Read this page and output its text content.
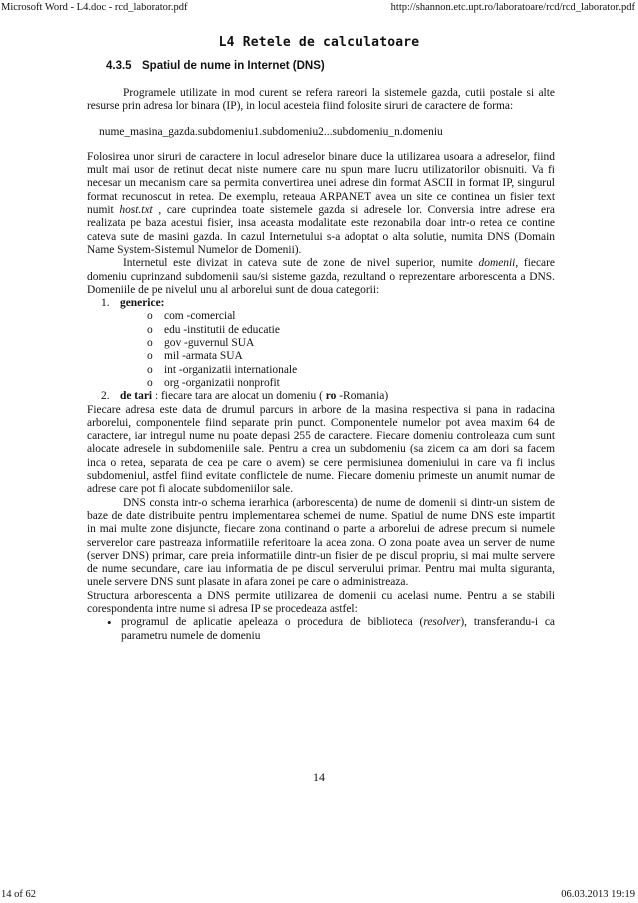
Microsoft Word - L4.doc - rcd_laborator.pdf	http://shannon.etc.upt.ro/laboratoare/rcd/rcd_laborator.pdf
L4 Retele de calculatoare
4.3.5 Spatiul de nume in Internet (DNS)

Programele utilizate in mod curent se refera rareori la sistemele gazda, cutii postale si alte resurse prin adresa lor binara (IP), in locul acesteia fiind folosite siruri de caractere de forma:

nume_masina_gazda.subdomeniu1.subdomeniu2...subdomeniu_n.domeniu

Folosirea unor siruri de caractere in locul adreselor binare duce la utilizarea usoara a adreselor, fiind mult mai usor de retinut decat niste numere care nu spun mare lucru utilizatorilor obisnuiti. Va fi necesar un mecanism care sa permita convertirea unei adrese din format ASCII in format IP, singurul format recunoscut in retea. De exemplu, reteaua ARPANET avea un site ce continea un fisier text numit host.txt , care cuprindea toate sistemele gazda si adresele lor. Conversia intre adrese era realizata pe baza acestui fisier, insa aceasta modalitate este rezonabila doar intr-o retea ce contine cateva sute de masini gazda. In cazul Internetului s-a adoptat o alta solutie, numita DNS (Domain Name System-Sistemul Numelor de Domenii).

Internetul este divizat in cateva sute de zone de nivel superior, numite domenii, fiecare domeniu cuprinzand subdomenii sau/si sisteme gazda, rezultand o reprezentare arborescenta a DNS. Domeniile de pe nivelul unu al arborelui sunt de doua categorii:

1. generice:

o com -comercial
o edu -institutii de educatie
o gov -guvernul SUA
o mil -armata SUA
o int -organizatii internationale
o org -organizatii nonprofit

2. de tari : fiecare tara are alocat un domeniu ( ro -Romania)

Fiecare adresa este data de drumul parcurs in arbore de la masina respectiva si pana in radacina arborelui, componentele fiind separate prin punct. Componentele numelor pot avea maxim 64 de caractere, iar intregul nume nu poate depasi 255 de caractere. Fiecare domeniu controleaza cum sunt alocate adresele in subdomeniile sale. Pentru a crea un subdomeniu (sa zicem ca am dori sa facem inca o retea, separata de cea pe care o avem) se cere permisiunea domeniului in care va fi inclus subdomeniul, astfel fiind evitate conflictele de nume. Fiecare domeniu primeste un anumit numar de adrese care pot fi alocate subdomeniilor sale.

DNS consta intr-o schema ierarhica (arborescenta) de nume de domenii si dintr-un sistem de baze de date distribuite pentru implementarea schemei de nume. Spatiul de nume DNS este impartit in mai multe zone disjuncte, fiecare zona continand o parte a arborelui de adrese precum si numele serverelor care pastreaza informatiile referitoare la acea zona. O zona poate avea un server de nume (server DNS) primar, care preia informatiile dintr-un fisier de pe discul propriu, si mai multe servere de nume secundare, care iau informatia de pe discul serverului primar. Pentru mai multa siguranta, unele servere DNS sunt plasate in afara zonei pe care o administreaza.

Structura arborescenta a DNS permite utilizarea de domenii cu acelasi nume. Pentru a se stabili corespondenta intre nume si adresa IP se procedeaza astfel:

• programul de aplicatie apeleaza o procedura de biblioteca (resolver), transferandu-i ca parametru numele de domeniu

14
14 of 62	06.03.2013 19:19
